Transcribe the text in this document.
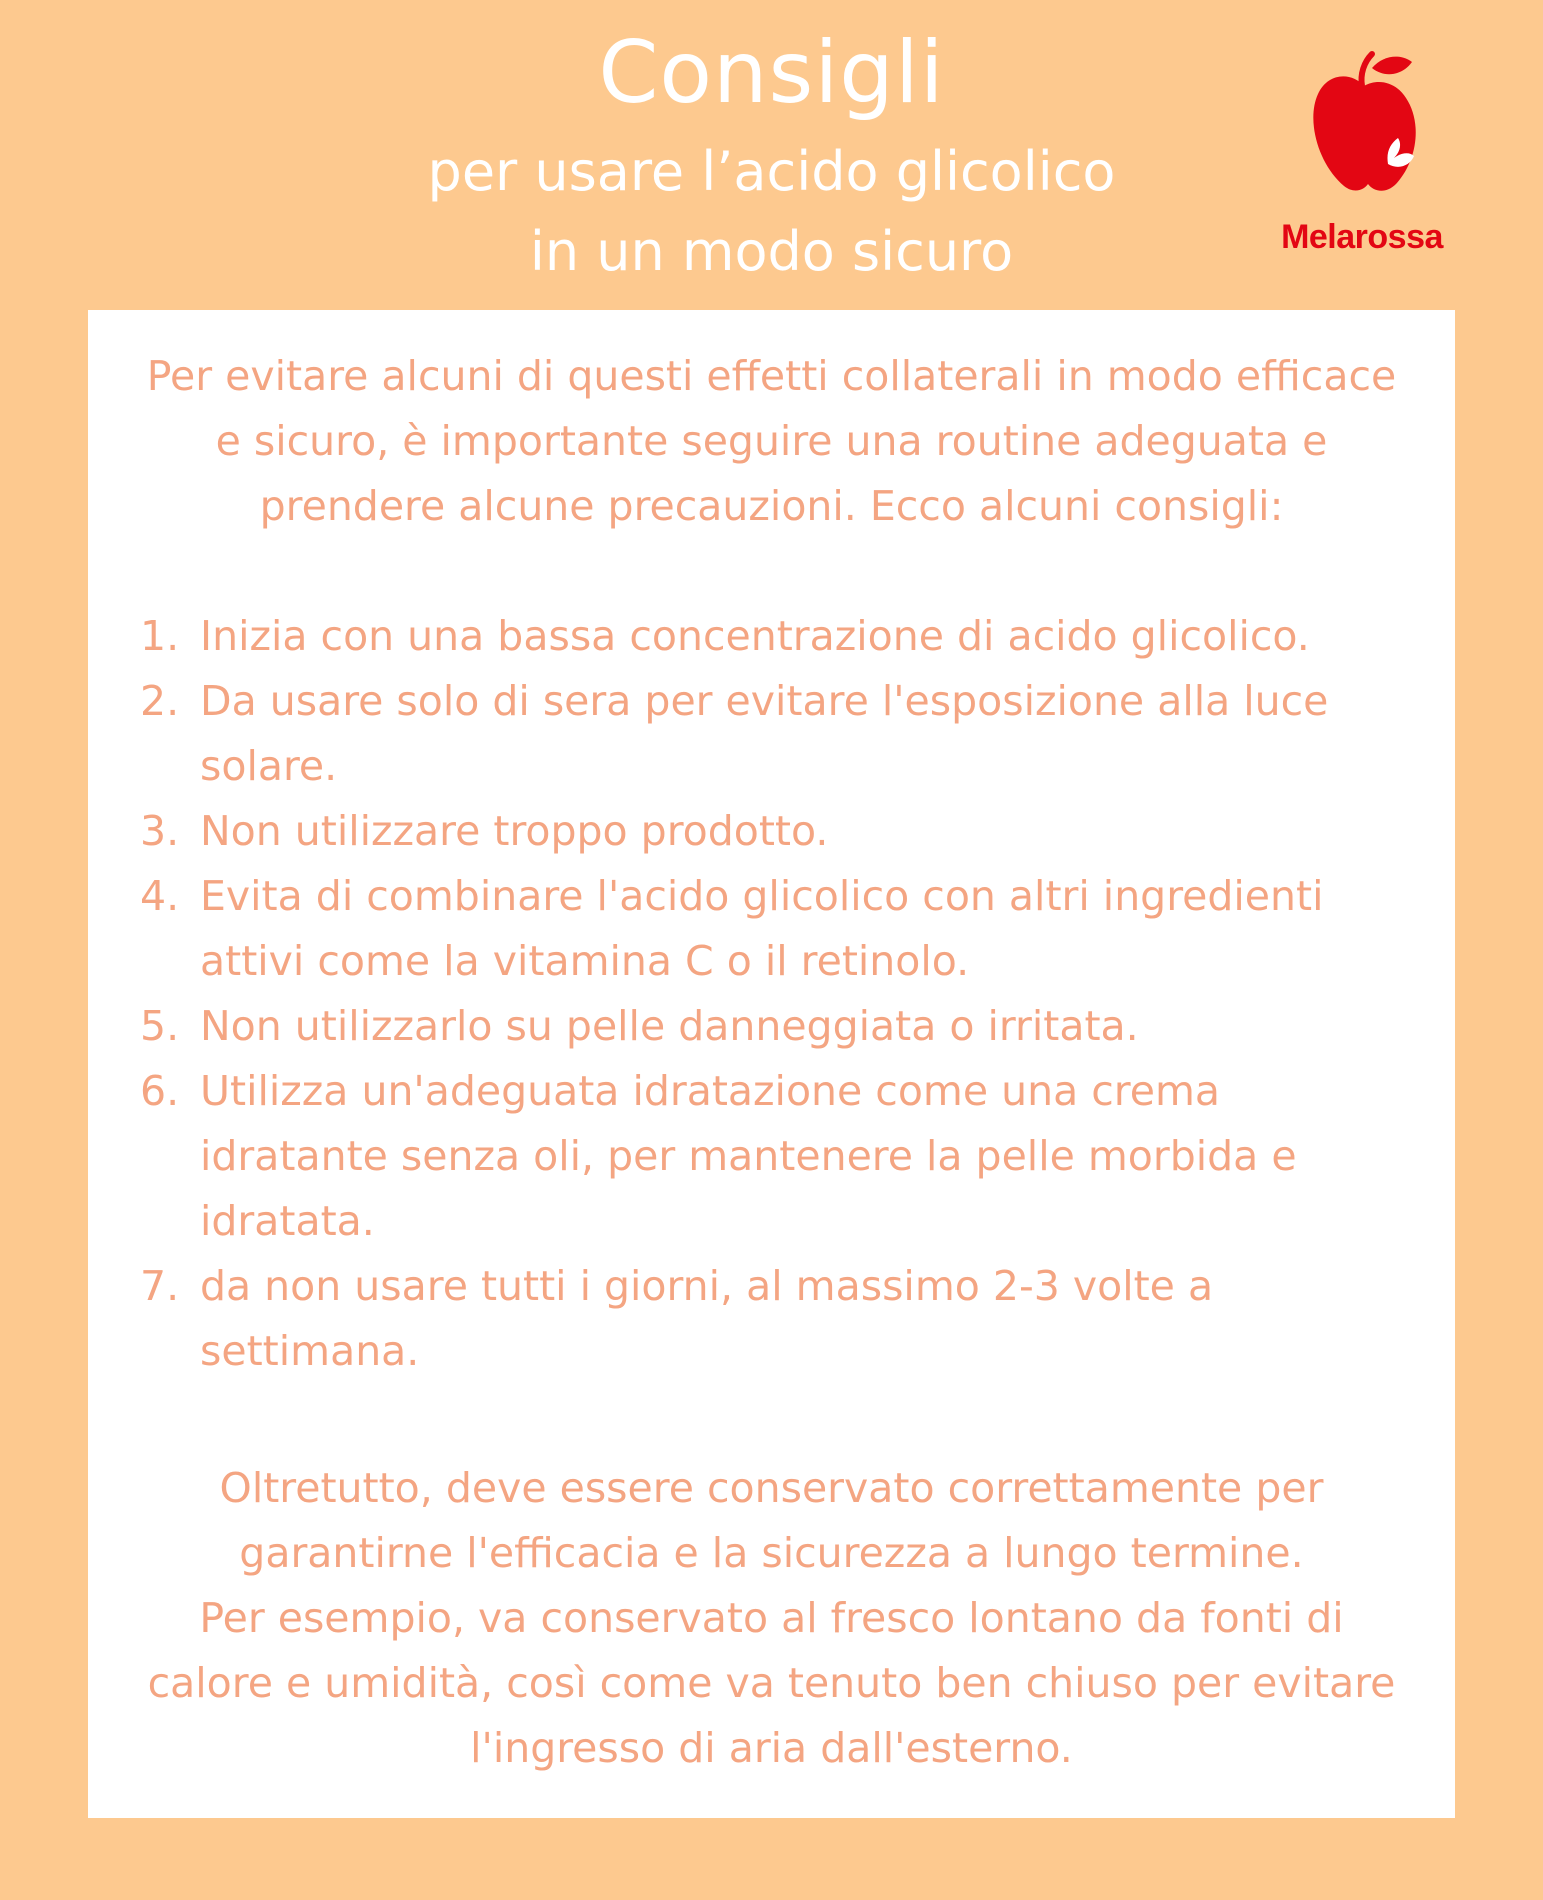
Consigli
per usare l’acido glicolico
in un modo sicuro	Melarossa
Per evitare alcuni di questi effetti collaterali in modo efficace e sicuro, è importante seguire una routine adeguata e prendere alcune precauzioni. Ecco alcuni consigli:
1. Inizia con una bassa concentrazione di acido glicolico.
2. Da usare solo di sera per evitare l'esposizione alla luce solare.
3. Non utilizzare troppo prodotto.
4. Evita di combinare l'acido glicolico con altri ingredienti attivi come la vitamina C o il retinolo.
5. Non utilizzarlo su pelle danneggiata o irritata.
6. Utilizza un'adeguata idratazione come una crema idratante senza oli, per mantenere la pelle morbida e idratata.
7. da non usare tutti i giorni, al massimo 2-3 volte a settimana.
Oltretutto, deve essere conservato correttamente per
garantirne l'efficacia e la sicurezza a lungo termine.
Per esempio, va conservato al fresco lontano da fonti di
calore e umidità, così come va tenuto ben chiuso per evitare
l'ingresso di aria dall'esterno.
